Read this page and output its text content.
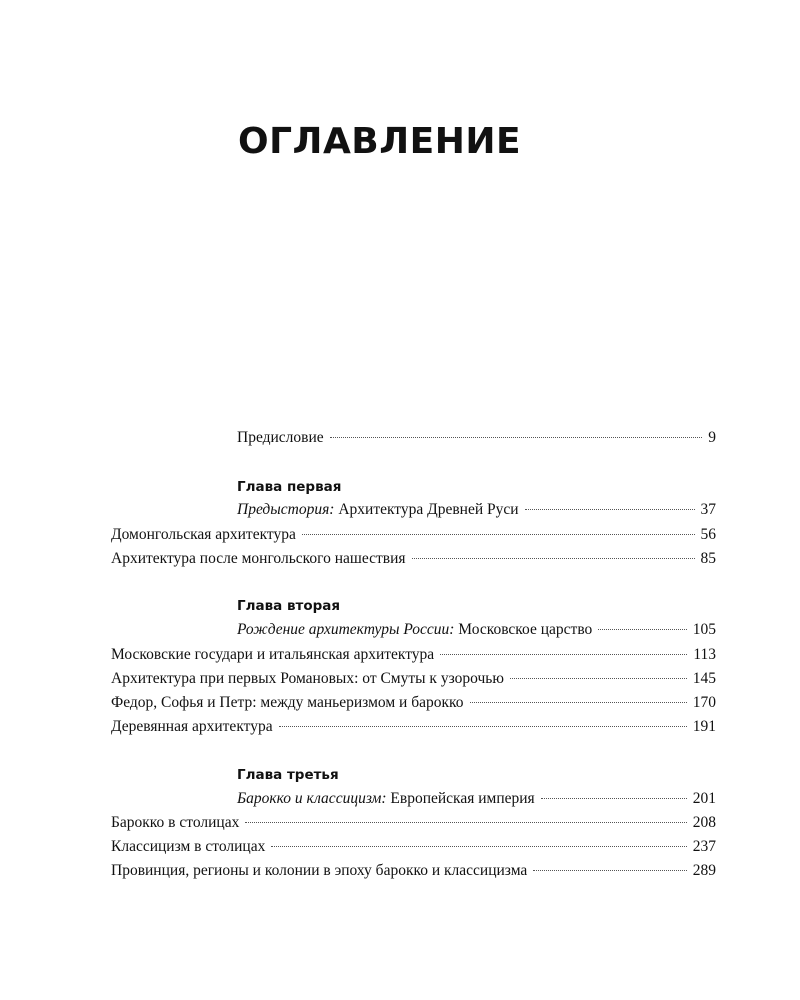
ОГЛАВЛЕНИЕ
Предисловие	9
Глава первая
Предыстория: Архитектура Древней Руси	37
Домонгольская архитектура	56
Архитектура после монгольского нашествия	85
Глава вторая
Рождение архитектуры России: Московское царство	105
Московские государи и итальянская архитектура	113
Архитектура при первых Романовых: от Смуты к узорочью	145
Федор, Софья и Петр: между маньеризмом и барокко	170
Деревянная архитектура	191
Глава третья
Барокко и классицизм: Европейская империя	201
Барокко в столицах	208
Классицизм в столицах	237
Провинция, регионы и колонии в эпоху барокко и классицизма	289
